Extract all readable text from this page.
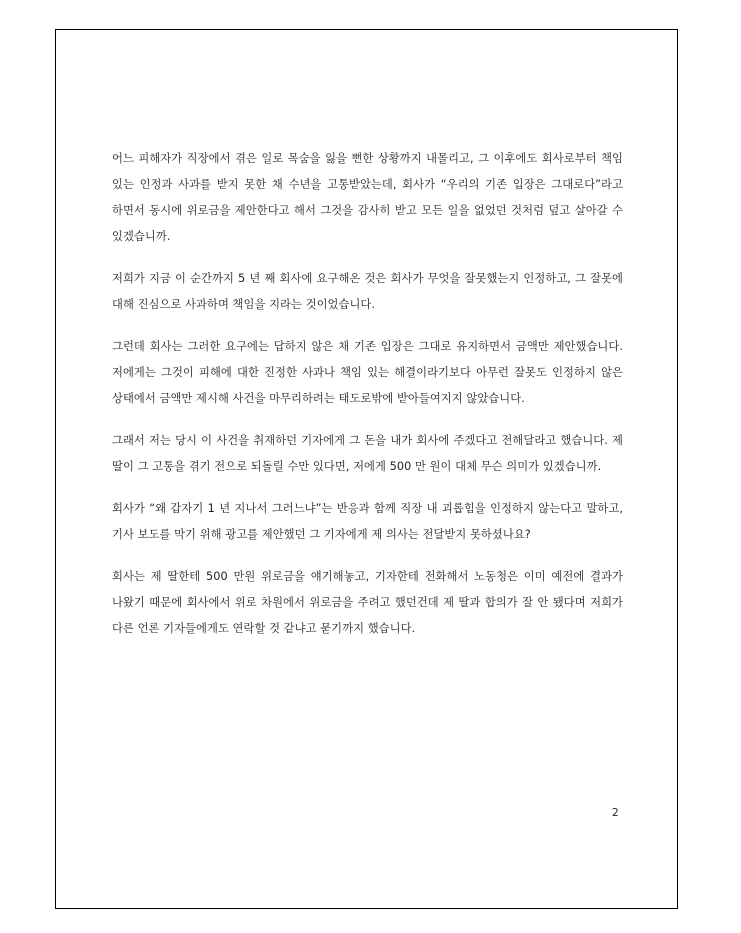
어느 피해자가 직장에서 겪은 일로 목숨을 잃을 뻔한 상황까지 내몰리고, 그 이후에도 회사로부터 책임 있는 인정과 사과를 받지 못한 채 수년을 고통받았는데, 회사가 “우리의 기존 입장은 그대로다”라고 하면서 동시에 위로금을 제안한다고 해서 그것을 감사히 받고 모든 일을 없었던 것처럼 덮고 살아갈 수 있겠습니까.

저희가 지금 이 순간까지 5 년 째 회사에 요구해온 것은 회사가 무엇을 잘못했는지 인정하고, 그 잘못에 대해 진심으로 사과하며 책임을 지라는 것이었습니다.

그런데 회사는 그러한 요구에는 답하지 않은 채 기존 입장은 그대로 유지하면서 금액만 제안했습니다. 저에게는 그것이 피해에 대한 진정한 사과나 책임 있는 해결이라기보다 아무런 잘못도 인정하지 않은 상태에서 금액만 제시해 사건을 마무리하려는 태도로밖에 받아들여지지 않았습니다.

그래서 저는 당시 이 사건을 취재하던 기자에게 그 돈을 내가 회사에 주겠다고 전해달라고 했습니다. 제 딸이 그 고통을 겪기 전으로 되돌릴 수만 있다면, 저에게 500 만 원이 대체 무슨 의미가 있겠습니까.

회사가 “왜 갑자기 1 년 지나서 그러느냐”는 반응과 함께 직장 내 괴롭힘을 인정하지 않는다고 말하고, 기사 보도를 막기 위해 광고를 제안했던 그 기자에게 제 의사는 전달받지 못하셨나요?

회사는 제 딸한테 500 만원 위로금을 얘기해놓고, 기자한테 전화해서 노동청은 이미 예전에 결과가 나왔기 때문에 회사에서 위로 차원에서 위로금을 주려고 했던건데 제 딸과 합의가 잘 안 됐다며 저희가 다른 언론 기자들에게도 연락할 것 같냐고 묻기까지 했습니다.

2
